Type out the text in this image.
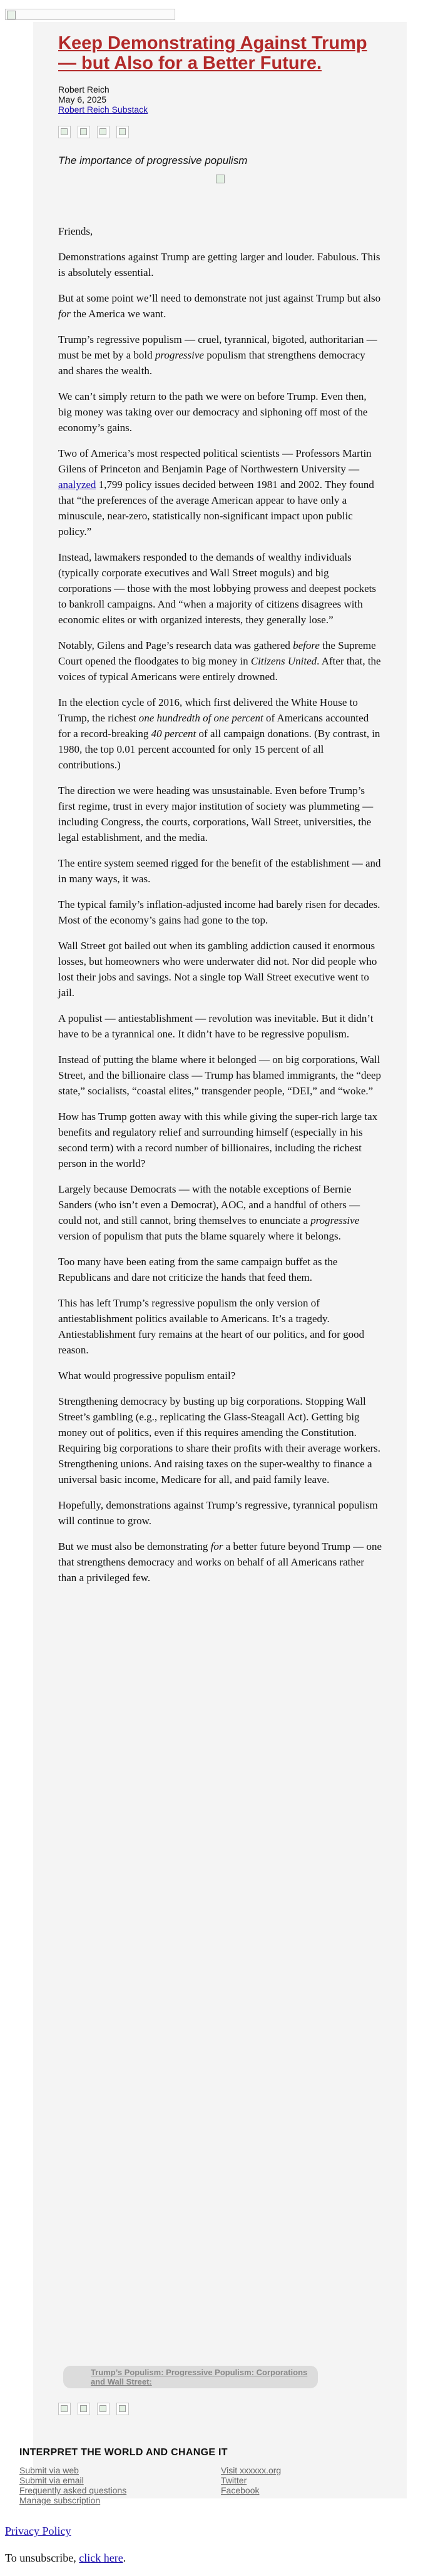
Keep Demonstrating Against Trump — but Also for a Better Future.
Robert Reich
May 6, 2025
Robert Reich Substack
The importance of progressive populism

Friends,

Demonstrations against Trump are getting larger and louder. Fabulous. This is absolutely essential.

But at some point we’ll need to demonstrate not just against Trump but also for the America we want.

Trump’s regressive populism — cruel, tyrannical, bigoted, authoritarian — must be met by a bold progressive populism that strengthens democracy and shares the wealth.

We can’t simply return to the path we were on before Trump. Even then, big money was taking over our democracy and siphoning off most of the economy’s gains.

Two of America’s most respected political scientists — Professors Martin Gilens of Princeton and Benjamin Page of Northwestern University — analyzed 1,799 policy issues decided between 1981 and 2002. They found that “the preferences of the average American appear to have only a minuscule, near-zero, statistically non-significant impact upon public policy.”

Instead, lawmakers responded to the demands of wealthy individuals (typically corporate executives and Wall Street moguls) and big corporations — those with the most lobbying prowess and deepest pockets to bankroll campaigns. And “when a majority of citizens disagrees with economic elites or with organized interests, they generally lose.”

Notably, Gilens and Page’s research data was gathered before the Supreme Court opened the floodgates to big money in Citizens United. After that, the voices of typical Americans were entirely drowned.

In the election cycle of 2016, which first delivered the White House to Trump, the richest one hundredth of one percent of Americans accounted for a record-breaking 40 percent of all campaign donations. (By contrast, in 1980, the top 0.01 percent accounted for only 15 percent of all contributions.)

The direction we were heading was unsustainable. Even before Trump’s first regime, trust in every major institution of society was plummeting — including Congress, the courts, corporations, Wall Street, universities, the legal establishment, and the media.

The entire system seemed rigged for the benefit of the establishment — and in many ways, it was.

The typical family’s inflation-adjusted income had barely risen for decades. Most of the economy’s gains had gone to the top.

Wall Street got bailed out when its gambling addiction caused it enormous losses, but homeowners who were underwater did not. Nor did people who lost their jobs and savings. Not a single top Wall Street executive went to jail.

A populist — antiestablishment — revolution was inevitable. But it didn’t have to be a tyrannical one. It didn’t have to be regressive populism.

Instead of putting the blame where it belonged — on big corporations, Wall Street, and the billionaire class — Trump has blamed immigrants, the “deep state,” socialists, “coastal elites,” transgender people, “DEI,” and “woke.”

How has Trump gotten away with this while giving the super-rich large tax benefits and regulatory relief and surrounding himself (especially in his second term) with a record number of billionaires, including the richest person in the world?

Largely because Democrats — with the notable exceptions of Bernie Sanders (who isn’t even a Democrat), AOC, and a handful of others — could not, and still cannot, bring themselves to enunciate a progressive version of populism that puts the blame squarely where it belongs.

Too many have been eating from the same campaign buffet as the Republicans and dare not criticize the hands that feed them.

This has left Trump’s regressive populism the only version of antiestablishment politics available to Americans. It’s a tragedy. Antiestablishment fury remains at the heart of our politics, and for good reason.

What would progressive populism entail?

Strengthening democracy by busting up big corporations. Stopping Wall Street’s gambling (e.g., replicating the Glass-Steagall Act). Getting big money out of politics, even if this requires amending the Constitution. Requiring big corporations to share their profits with their average workers. Strengthening unions. And raising taxes on the super-wealthy to finance a universal basic income, Medicare for all, and paid family leave.

Hopefully, demonstrations against Trump’s regressive, tyrannical populism will continue to grow.

But we must also be demonstrating for a better future beyond Trump — one that strengthens democracy and works on behalf of all Americans rather than a privileged few.

Trump’s Populism: Progressive Populism: Corporations and Wall Street:
INTERPRET THE WORLD AND CHANGE IT
Submit via web
Submit via email
Frequently asked questions
Manage subscription
Visit xxxxxx.org
Twitter
Facebook
Privacy Policy
To unsubscribe, click here.
